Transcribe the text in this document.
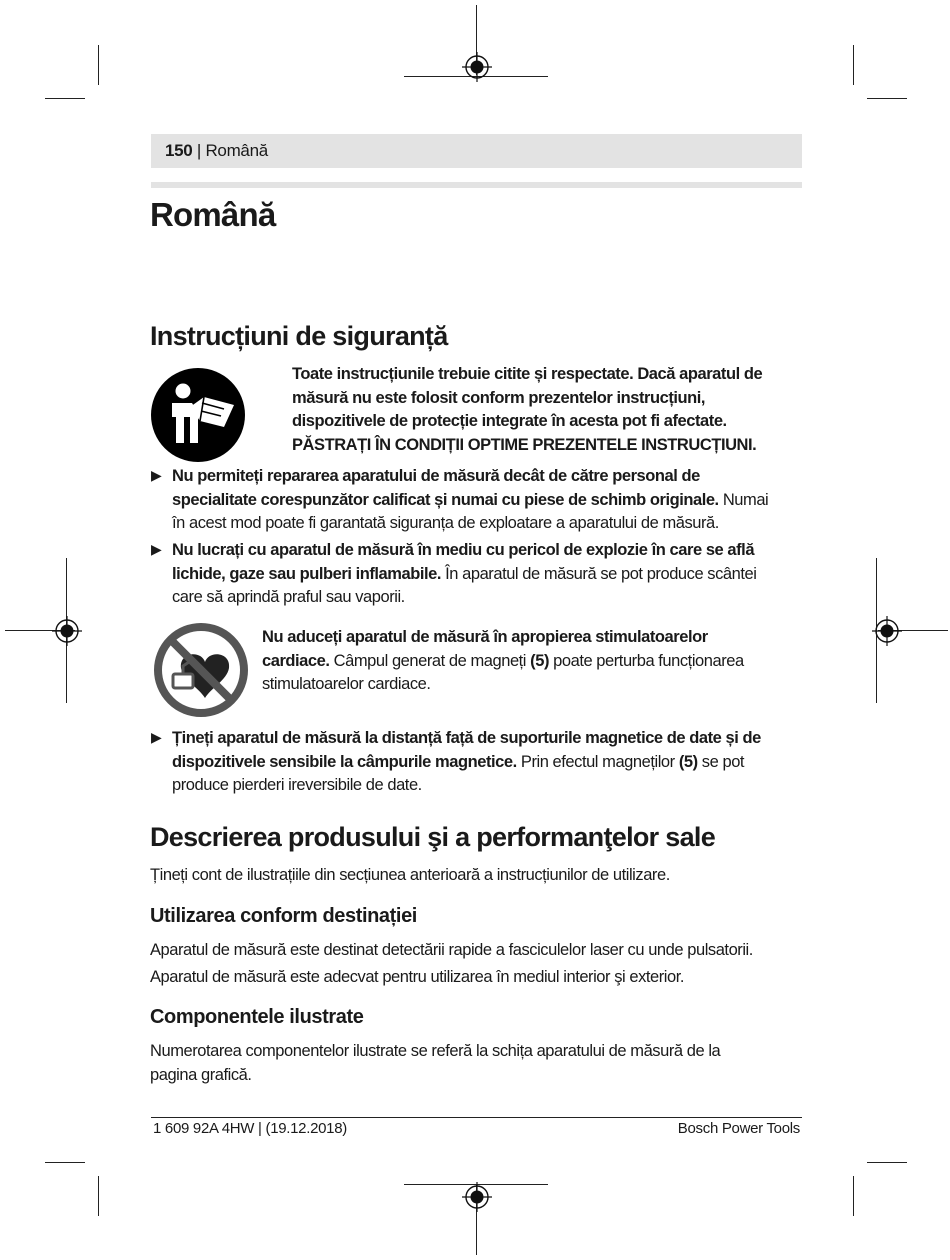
150 | Română
Română
Instrucțiuni de siguranță
Toate instrucțiunile trebuie citite și respectate. Dacă aparatul de
măsură nu este folosit conform prezentelor instrucțiuni,
dispozitivele de protecție integrate în acesta pot fi afectate.
PĂSTRAȚI ÎN CONDIȚII OPTIME PREZENTELE INSTRUCȚIUNI.
▶ Nu permiteți repararea aparatului de măsură decât de către personal de
specialitate corespunzător calificat și numai cu piese de schimb originale. Numai
în acest mod poate fi garantată siguranța de exploatare a aparatului de măsură.
▶ Nu lucrați cu aparatul de măsură în mediu cu pericol de explozie în care se află
lichide, gaze sau pulberi inflamabile. În aparatul de măsură se pot produce scântei
care să aprindă praful sau vaporii.
Nu aduceți aparatul de măsură în apropierea stimulatoarelor
cardiace. Câmpul generat de magneți (5) poate perturba funcționarea
stimulatoarelor cardiace.
▶ Țineți aparatul de măsură la distanță față de suporturile magnetice de date și de
dispozitivele sensibile la câmpurile magnetice. Prin efectul magneților (5) se pot
produce pierderi ireversibile de date.
Descrierea produsului şi a performanţelor sale
Țineți cont de ilustrațiile din secțiunea anterioară a instrucțiunilor de utilizare.
Utilizarea conform destinației
Aparatul de măsură este destinat detectării rapide a fasciculelor laser cu unde pulsatorii.
Aparatul de măsură este adecvat pentru utilizarea în mediul interior şi exterior.
Componentele ilustrate
Numerotarea componentelor ilustrate se referă la schița aparatului de măsură de la
pagina grafică.
1 609 92A 4HW | (19.12.2018)	Bosch Power Tools
